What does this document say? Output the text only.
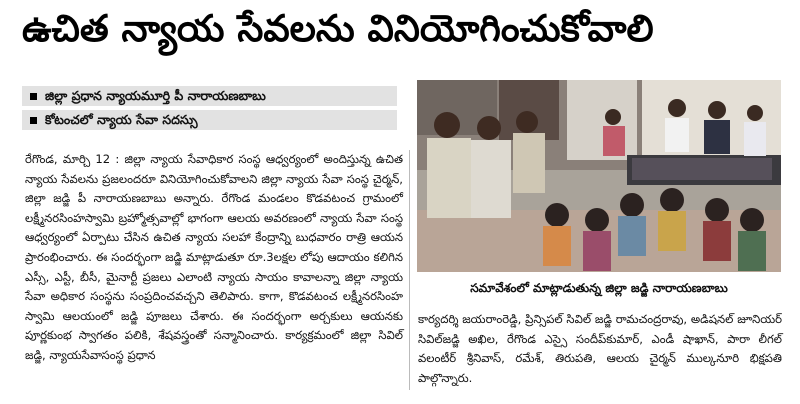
ఉచిత న్యాయ సేవలను వినియోగించుకోవాలి
జిల్లా ప్రధాన న్యాయమూర్తి పీ నారాయణబాబు
కోటంచలో న్యాయ సేవా సదస్సు

రేగొండ, మార్చి 12 : జిల్లా న్యాయ సేవాధికార సంస్థ ఆధ్వర్యంలో అందిస్తున్న ఉచిత న్యాయ సేవలను ప్రజలందరూ వినియోగించుకోవాలని జిల్లా న్యాయ సేవా సంస్థ చైర్మన్, జిల్లా జడ్జి పీ నారాయణబాబు అన్నారు. రేగొండ మండలం కొడవటంచ గ్రామంలో లక్ష్మీనరసింహస్వామి బ్రహ్మోత్సవాల్లో భాగంగా ఆలయ అవరణంలో న్యాయ సేవా సంస్థ ఆధ్వర్యంలో ఏర్పాటు చేసిన ఉచిత న్యాయ సలహా కేంద్రాన్ని బుధవారం రాత్రి ఆయన ప్రారంభించారు. ఈ సందర్భంగా జడ్జి మాట్లాడుతూ రూ.3లక్షల లోపు ఆదాయం కలిగిన ఎస్సీ, ఎస్టీ, బీసీ, మైనార్టీ ప్రజలు ఎలాంటి న్యాయ సాయం కావాలన్నా జిల్లా న్యాయ సేవా అధికార సంస్థను సంప్రదించవచ్చని తెలిపారు. కాగా, కొడవటంచ లక్ష్మీనరసింహ స్వామి ఆలయంలో జడ్జి పూజలు చేశారు. ఈ సందర్భంగా అర్చకులు ఆయనకు పూర్ణకుంభ స్వాగతం పలికి, శేషవస్త్రంతో సన్మానించారు. కార్యక్రమంలో జిల్లా సివిల్ జడ్జి, న్యాయసేవాసంస్థ ప్రధాన

సమావేశంలో మాట్లాడుతున్న జిల్లా జడ్జి నారాయణబాబు

కార్యదర్శి జయరాంరెడ్డి, ప్రిన్సిపల్ సివిల్ జడ్జి రామచంద్రరావు, అడిషనల్ జూనియర్ సివిల్‌జడ్జి అఖిల, రేగొండ ఎస్సై సందీప్‌కుమార్, ఎండీ షాఖాన్, పారా లీగల్ వలంటీర్ శ్రీనివాస్, రమేశ్, తిరుపతి, ఆలయ చైర్మన్ ముల్కనూరి భిక్షపతి పాల్గొన్నారు.
